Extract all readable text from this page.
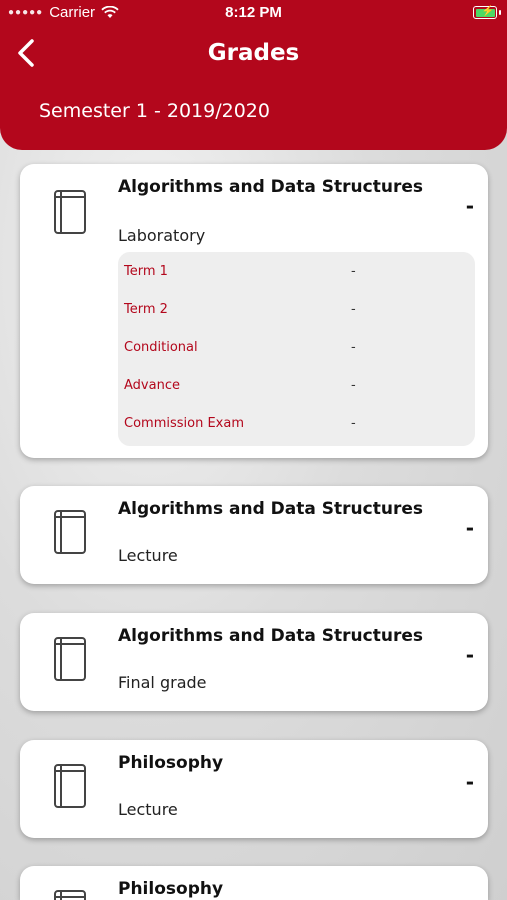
●●●●● Carrier	8:12 PM	⚡
Grades
Semester 1 - 2019/2020
Algorithms and Data Structures
Laboratory
-
Term 1	-
Term 2	-
Conditional	-
Advance	-
Commission Exam	-
Algorithms and Data Structures
Lecture
-
Algorithms and Data Structures
Final grade
-
Philosophy
Lecture
-
Philosophy
